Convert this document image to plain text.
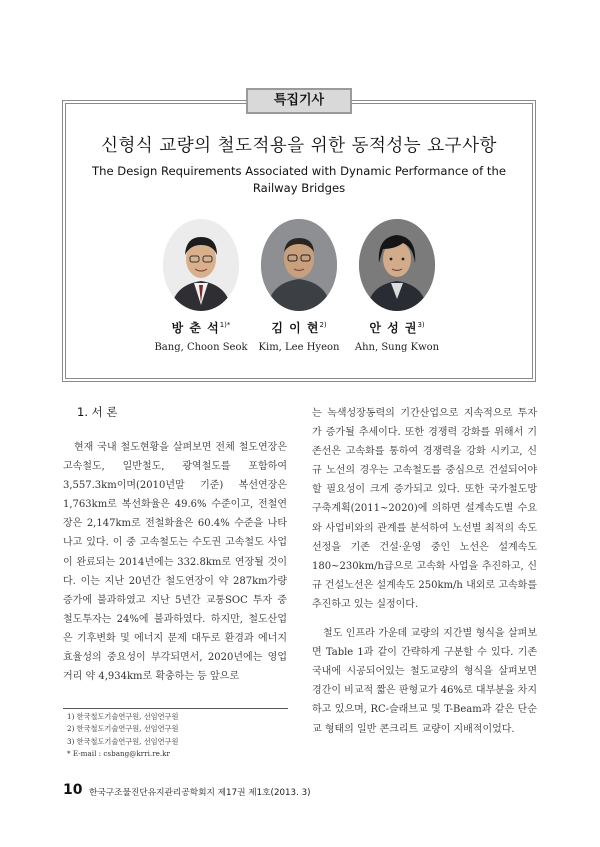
특집기사
신형식 교량의 철도적용을 위한 동적성능 요구사항
The Design Requirements Associated with Dynamic Performance of the Railway Bridges
방 춘 석$^{1)*}$	김 이 현$^{2)}$	안 성 권$^{3)}$
Bang, Choon Seok	Kim, Lee Hyeon	Ahn, Sung Kwon
1. 서 론

현재 국내 철도현황을 살펴보면 전체 철도연장은 고속철도, 일반철도, 광역철도를 포함하여 3,557.3km이며(2010년말 기준) 복선연장은 1,763km로 복선화율은 49.6% 수준이고, 전철연장은 2,147km로 전철화율은 60.4% 수준을 나타나고 있다. 이 중 고속철도는 수도권 고속철도 사업이 완료되는 2014년에는 332.8km로 연장될 것이다. 이는 지난 20년간 철도연장이 약 287km가량 증가에 불과하였고 지난 5년간 교통SOC 투자 중 철도투자는 24%에 불과하였다. 하지만, 철도산업은 기후변화 및 에너지 문제 대두로 환경과 에너지 효율성의 중요성이 부각되면서, 2020년에는 영업거리 약 4,934km로 확충하는 등 앞으로

는 녹색성장동력의 기간산업으로 지속적으로 투자가 증가될 추세이다. 또한 경쟁력 강화를 위해서 기존선은 고속화를 통하여 경쟁력을 강화 시키고, 신규 노선의 경우는 고속철도를 중심으로 건설되어야 할 필요성이 크게 증가되고 있다. 또한 국가철도망구축계획(2011~2020)에 의하면 설계속도별 수요와 사업비와의 관계를 분석하여 노선별 최적의 속도선정을 기존 건설·운영 중인 노선은 설계속도 180~230km/h급으로 고속화 사업을 추진하고, 신규 건설노선은 설계속도 250km/h 내외로 고속화를 추진하고 있는 실정이다.

철도 인프라 가운데 교량의 지간별 형식을 살펴보면 Table 1과 같이 간략하게 구분할 수 있다. 기존 국내에 시공되어있는 철도교량의 형식을 살펴보면 경간이 비교적 짧은 판형교가 46%로 대부분을 차지하고 있으며, RC-슬래브교 및 T-Beam과 같은 단순교 형태의 일반 콘크리트 교량이 지배적이었다.

1) 한국철도기술연구원, 선임연구원
2) 한국철도기술연구원, 선임연구원
3) 한국철도기술연구원, 선임연구원
* E-mail : csbang@krri.re.kr
10 한국구조물진단유지관리공학회지 제17권 제1호(2013. 3)
